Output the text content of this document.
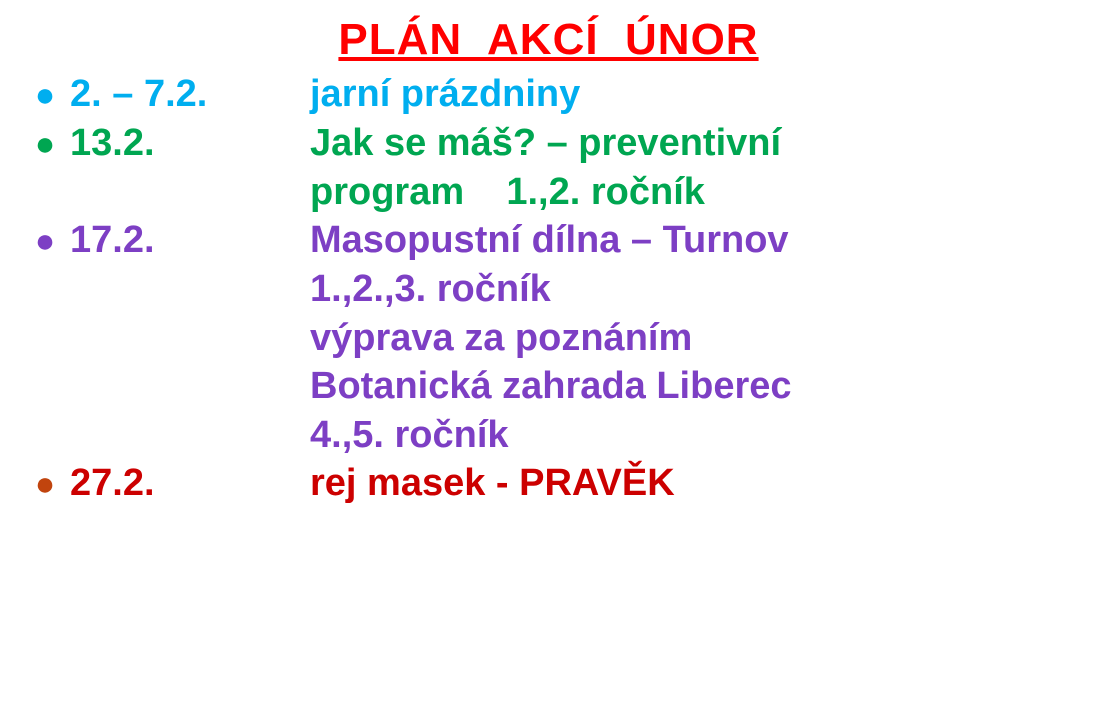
PLÁN  AKCÍ  ÚNOR
● 2. – 7.2.	jarní prázdniny
● 13.2.	Jak se máš? – preventivní
program    1.,2. ročník
● 17.2.	Masopustní dílna – Turnov
1.,2.,3. ročník
výprava za poznáním
Botanická zahrada Liberec
4.,5. ročník
● 27.2.	rej masek - PRAVĚK
